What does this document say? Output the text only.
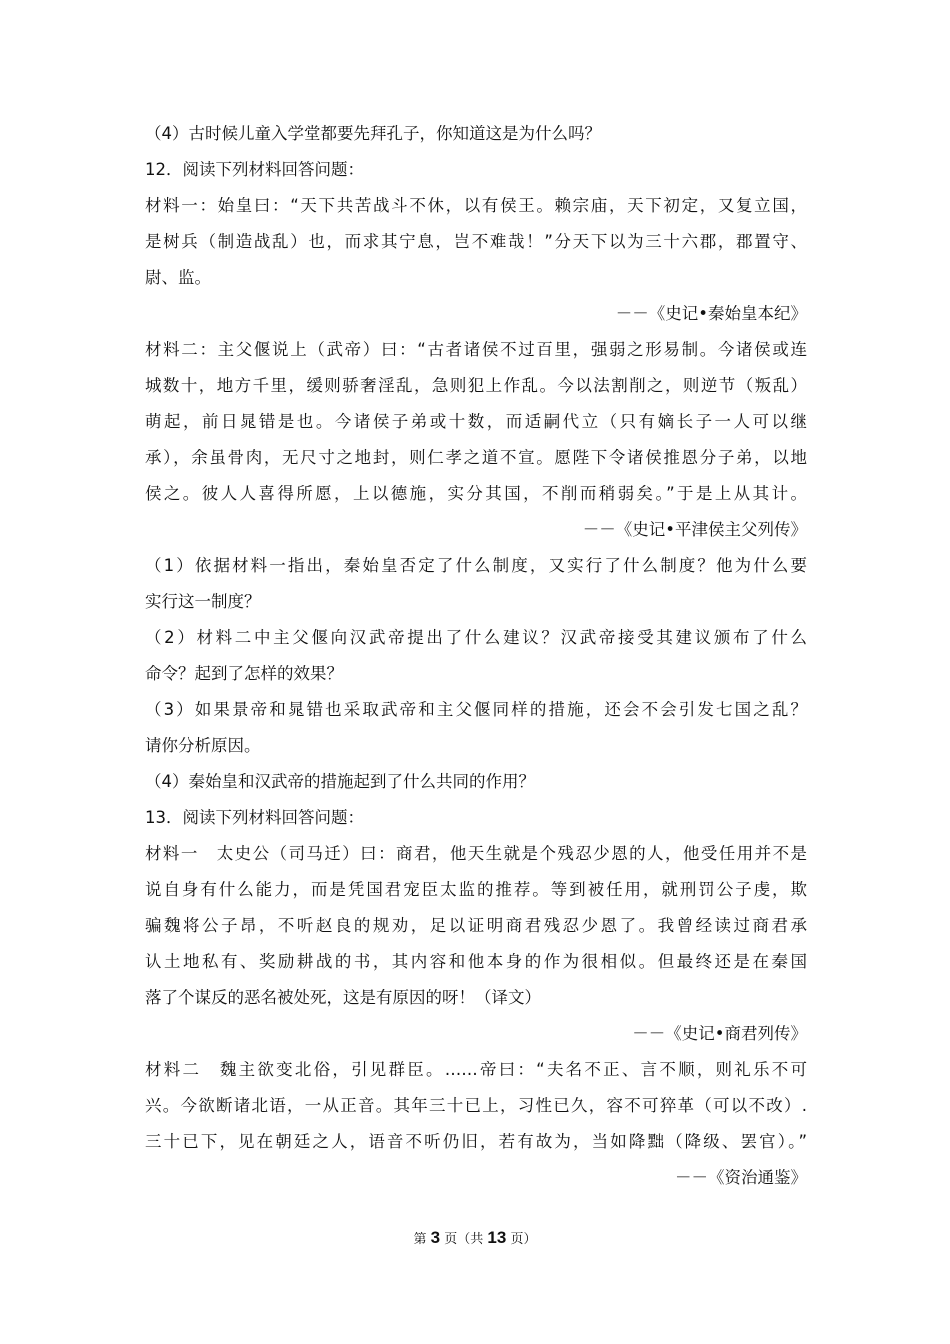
（4）古时候儿童入学堂都要先拜孔子，你知道这是为什么吗？
12．阅读下列材料回答问题：
材料一：始皇曰：“天下共苦战斗不休，以有侯王。赖宗庙，天下初定，又复立国，
是树兵（制造战乱）也，而求其宁息，岂不难哉！”分天下以为三十六郡，郡置守、
尉、监。
－－《史记•秦始皇本纪》
材料二：主父偃说上（武帝）曰：“古者诸侯不过百里，强弱之形易制。今诸侯或连
城数十，地方千里，缓则骄奢淫乱，急则犯上作乱。今以法割削之，则逆节（叛乱）
萌起，前日晁错是也。今诸侯子弟或十数，而适嗣代立（只有嫡长子一人可以继
承），余虽骨肉，无尺寸之地封，则仁孝之道不宣。愿陛下令诸侯推恩分子弟，以地
侯之。彼人人喜得所愿，上以德施，实分其国，不削而稍弱矣。”于是上从其计。
－－《史记•平津侯主父列传》
（1）依据材料一指出，秦始皇否定了什么制度，又实行了什么制度？他为什么要
实行这一制度？
（2）材料二中主父偃向汉武帝提出了什么建议？汉武帝接受其建议颁布了什么
命令？起到了怎样的效果？
（3）如果景帝和晁错也采取武帝和主父偃同样的措施，还会不会引发七国之乱？
请你分析原因。
（4）秦始皇和汉武帝的措施起到了什么共同的作用？
13．阅读下列材料回答问题：
材料一　太史公（司马迁）曰：商君，他天生就是个残忍少恩的人，他受任用并不是
说自身有什么能力，而是凭国君宠臣太监的推荐。等到被任用，就刑罚公子虔，欺
骗魏将公子昂，不听赵良的规劝，足以证明商君残忍少恩了。我曾经读过商君承
认土地私有、奖励耕战的书，其内容和他本身的作为很相似。但最终还是在秦国
落了个谋反的恶名被处死，这是有原因的呀！（译文）
－－《史记•商君列传》
材料二　魏主欲变北俗，引见群臣。……帝曰：“夫名不正、言不顺，则礼乐不可
兴。今欲断诸北语，一从正音。其年三十已上，习性已久，容不可猝革（可以不改）.
三十已下，见在朝廷之人，语音不听仍旧，若有故为，当如降黜（降级、罢官）。”
－－《资治通鉴》
第 3 页（共 13 页）
